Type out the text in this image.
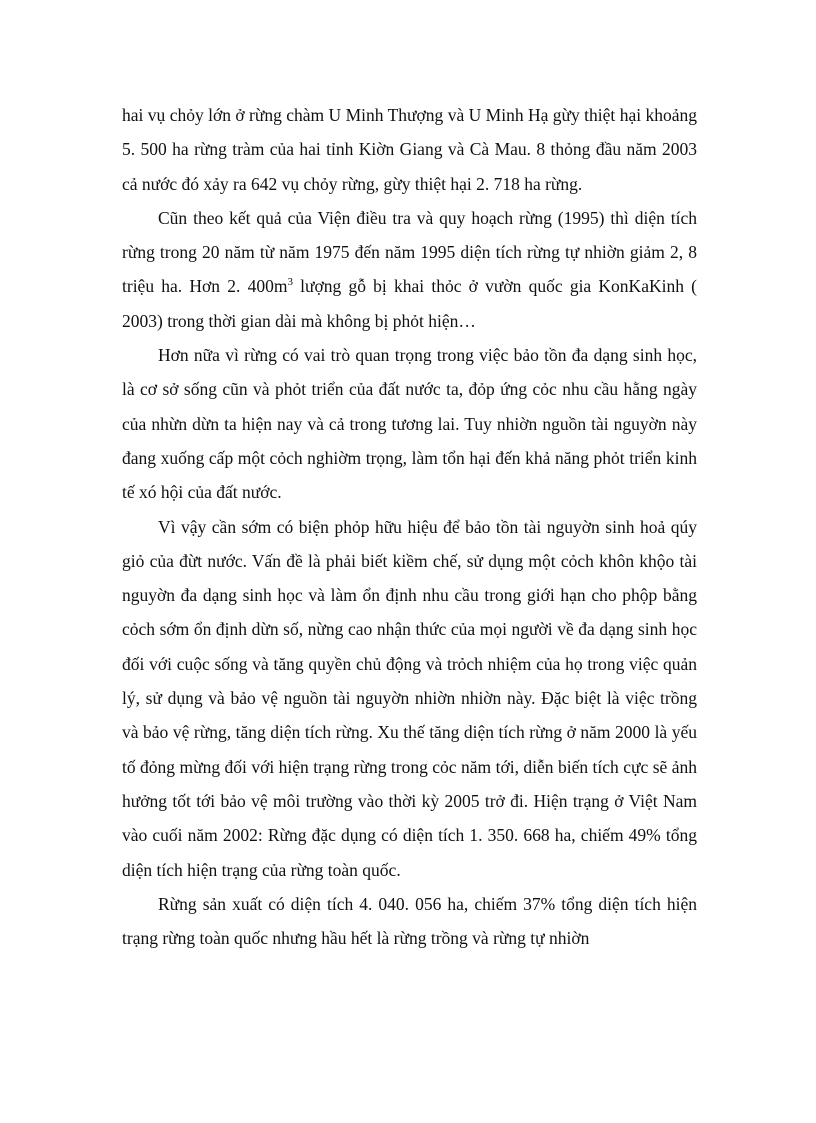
hai vụ chỏy lớn ở rừng chàm U Minh Thượng và U Minh Hạ gừy thiệt hại khoảng 5. 500 ha rừng tràm của hai tỉnh Kiờn Giang và Cà Mau. 8 thỏng đầu năm 2003 cả nước đó xảy ra 642 vụ chỏy rừng, gừy thiệt hại 2. 718 ha rừng.

Cũn theo kết quả của Viện điều tra và quy hoạch rừng (1995) thì diện tích rừng trong 20 năm từ năm 1975 đến năm 1995 diện tích rừng tự nhiờn giảm 2, 8 triệu ha. Hơn 2. $400m^3$ lượng gỗ bị khai thỏc ở vườn quốc gia KonKaKinh ( 2003) trong thời gian dài mà không bị phỏt hiện…

Hơn nữa vì rừng có vai trò quan trọng trong việc bảo tồn đa dạng sinh học, là cơ sở sống cũn và phỏt triển của đất nước ta, đỏp ứng cỏc nhu cầu hằng ngày của nhừn dừn ta hiện nay và cả trong tương lai. Tuy nhiờn nguồn tài nguyờn này đang xuống cấp một cỏch nghiờm trọng, làm tổn hại đến khả năng phỏt triển kinh tế xó hội của đất nước.

Vì vậy cần sớm có biện phỏp hữu hiệu để bảo tồn tài nguyờn sinh hoả qúy giỏ của đừt nước. Vấn đề là phải biết kiềm chế, sử dụng một cỏch khôn khộo tài nguyờn đa dạng sinh học và làm ổn định nhu cầu trong giới hạn cho phộp bằng cỏch sớm ổn định dừn số, nừng cao nhận thức của mọi người về đa dạng sinh học đối với cuộc sống và tăng quyền chủ động và trỏch nhiệm của họ trong việc quản lý, sử dụng và bảo vệ nguồn tài nguyờn nhiờn nhiờn này. Đặc biệt là việc trồng và bảo vệ rừng, tăng diện tích rừng. Xu thế tăng diện tích rừng ở năm 2000 là yếu tố đỏng mừng đối với hiện trạng rừng trong cỏc năm tới, diễn biến tích cực sẽ ảnh hưởng tốt tới bảo vệ môi trường vào thời kỳ 2005 trở đi. Hiện trạng ở Việt Nam vào cuối năm 2002: Rừng đặc dụng có diện tích 1. 350. 668 ha, chiếm 49% tổng diện tích hiện trạng của rừng toàn quốc.

Rừng sản xuất có diện tích 4. 040. 056 ha, chiếm 37% tổng diện tích hiện trạng rừng toàn quốc nhưng hầu hết là rừng trồng và rừng tự nhiờn
